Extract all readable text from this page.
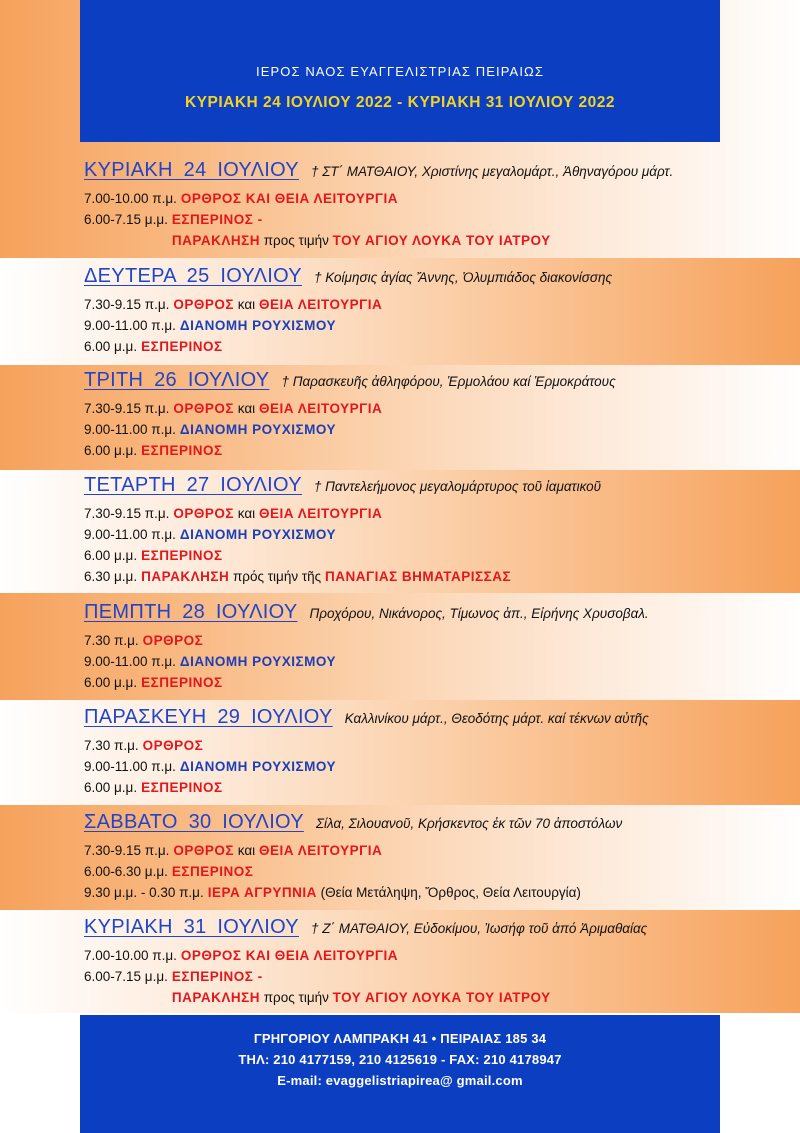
ΙΕΡΟΣ ΝΑΟΣ ΕΥΑΓΓΕΛΙΣΤΡΙΑΣ ΠΕΙΡΑΙΩΣ
ΚΥΡΙΑΚΗ 24 ΙΟΥΛΙΟΥ 2022 - ΚΥΡΙΑΚΗ 31 ΙΟΥΛΙΟΥ 2022
ΚΥΡΙΑΚΗ 24 ΙΟΥΛΙΟΥ † ΣΤ΄ ΜΑΤΘΑΙΟΥ, Χριστίνης μεγαλομάρτ., Ἀθηναγόρου μάρτ.
7.00-10.00 π.μ. ΟΡΘΡΟΣ ΚΑΙ ΘΕΙΑ ΛΕΙΤΟΥΡΓΙΑ
6.00-7.15 μ.μ. ΕΣΠΕΡΙΝΟΣ -
ΠΑΡΑΚΛΗΣΗ προς τιμήν ΤΟΥ ΑΓΙΟΥ ΛΟΥΚΑ ΤΟΥ ΙΑΤΡΟΥ
ΔΕΥΤΕΡΑ 25 ΙΟΥΛΙΟΥ † Κοίμησις ἁγίας Ἄννης, Ὀλυμπιάδος διακονίσσης
7.30-9.15 π.μ. ΟΡΘΡΟΣ και ΘΕΙΑ ΛΕΙΤΟΥΡΓΙΑ
9.00-11.00 π.μ. ΔΙΑΝΟΜΗ ΡΟΥΧΙΣΜΟΥ
6.00 μ.μ. ΕΣΠΕΡΙΝΟΣ
ΤΡΙΤΗ 26 ΙΟΥΛΙΟΥ † Παρασκευῆς ἀθληφόρου, Ἑρμολάου καί Ἑρμοκράτους
7.30-9.15 π.μ. ΟΡΘΡΟΣ και ΘΕΙΑ ΛΕΙΤΟΥΡΓΙΑ
9.00-11.00 π.μ. ΔΙΑΝΟΜΗ ΡΟΥΧΙΣΜΟΥ
6.00 μ.μ. ΕΣΠΕΡΙΝΟΣ
ΤΕΤΑΡΤΗ 27 ΙΟΥΛΙΟΥ † Παντελεήμονος μεγαλομάρτυρος τοῦ ἰαματικοῦ
7.30-9.15 π.μ. ΟΡΘΡΟΣ και ΘΕΙΑ ΛΕΙΤΟΥΡΓΙΑ
9.00-11.00 π.μ. ΔΙΑΝΟΜΗ ΡΟΥΧΙΣΜΟΥ
6.00 μ.μ. ΕΣΠΕΡΙΝΟΣ
6.30 μ.μ. ΠΑΡΑΚΛΗΣΗ πρός τιμήν τῆς ΠΑΝΑΓΙΑΣ ΒΗΜΑΤΑΡΙΣΣΑΣ
ΠΕΜΠΤΗ 28 ΙΟΥΛΙΟΥ Προχόρου, Νικάνορος, Τίμωνος ἀπ., Εἰρήνης Χρυσοβαλ.
7.30 π.μ. ΟΡΘΡΟΣ
9.00-11.00 π.μ. ΔΙΑΝΟΜΗ ΡΟΥΧΙΣΜΟΥ
6.00 μ.μ. ΕΣΠΕΡΙΝΟΣ
ΠΑΡΑΣΚΕΥΗ 29 ΙΟΥΛΙΟΥ Καλλινίκου μάρτ., Θεοδότης μάρτ. καί τέκνων αὐτῆς
7.30 π.μ. ΟΡΘΡΟΣ
9.00-11.00 π.μ. ΔΙΑΝΟΜΗ ΡΟΥΧΙΣΜΟΥ
6.00 μ.μ. ΕΣΠΕΡΙΝΟΣ
ΣΑΒΒΑΤΟ 30 ΙΟΥΛΙΟΥ Σίλα, Σιλουανοῦ, Κρήσκεντος ἐκ τῶν 70 ἀποστόλων
7.30-9.15 π.μ. ΟΡΘΡΟΣ και ΘΕΙΑ ΛΕΙΤΟΥΡΓΙΑ
6.00-6.30 μ.μ. ΕΣΠΕΡΙΝΟΣ
9.30 μ.μ. - 0.30 π.μ. ΙΕΡΑ ΑΓΡΥΠΝΙΑ (Θεία Μετάληψη, Ὄρθρος, Θεία Λειτουργία)
ΚΥΡΙΑΚΗ 31 ΙΟΥΛΙΟΥ † Ζ΄ ΜΑΤΘΑΙΟΥ, Εὐδοκίμου, Ἰωσήφ τοῦ ἀπό Ἀριμαθαίας
7.00-10.00 π.μ. ΟΡΘΡΟΣ ΚΑΙ ΘΕΙΑ ΛΕΙΤΟΥΡΓΙΑ
6.00-7.15 μ.μ. ΕΣΠΕΡΙΝΟΣ -
ΠΑΡΑΚΛΗΣΗ προς τιμήν ΤΟΥ ΑΓΙΟΥ ΛΟΥΚΑ ΤΟΥ ΙΑΤΡΟΥ
ΓΡΗΓΟΡΙΟΥ ΛΑΜΠΡΑΚΗ 41 • ΠΕΙΡΑΙΑΣ 185 34
ΤΗΛ: 210 4177159, 210 4125619 - FAX: 210 4178947
E-mail: evaggelistriapirea@ gmail.com
